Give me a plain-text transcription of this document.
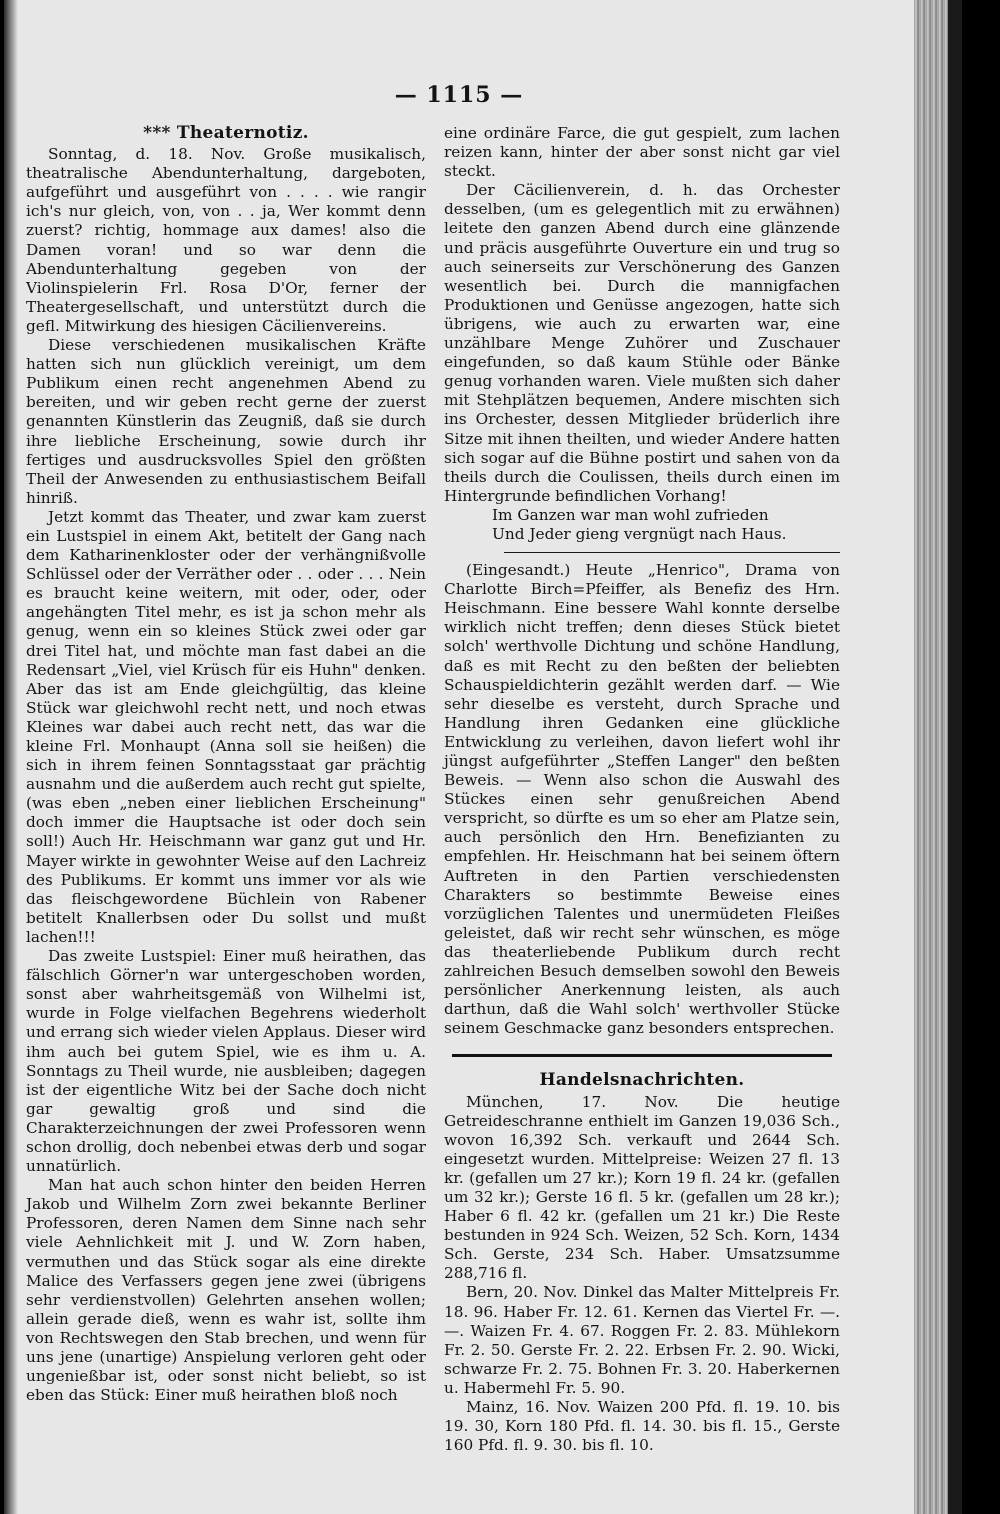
— 1115 —
*** Theaternotiz.

Sonntag, d. 18. Nov. Große musikalisch, theatralische Abendunterhaltung, dargeboten, aufgeführt und ausgeführt von . . . . wie rangir ich's nur gleich, von, von . . ja, Wer kommt denn zuerst? richtig, hommage aux dames! also die Damen voran! und so war denn die Abendunterhaltung gegeben von der Violinspielerin Frl. Rosa D'Or, ferner der Theatergesellschaft, und unterstützt durch die gefl. Mitwirkung des hiesigen Cäcilienvereins.

Diese verschiedenen musikalischen Kräfte hatten sich nun glücklich vereinigt, um dem Publikum einen recht angenehmen Abend zu bereiten, und wir geben recht gerne der zuerst genannten Künstlerin das Zeugniß, daß sie durch ihre liebliche Erscheinung, sowie durch ihr fertiges und ausdrucksvolles Spiel den größten Theil der Anwesenden zu enthusiastischem Beifall hinriß.

Jetzt kommt das Theater, und zwar kam zuerst ein Lustspiel in einem Akt, betitelt der Gang nach dem Katharinenkloster oder der verhängnißvolle Schlüssel oder der Verräther oder . . oder . . . Nein es braucht keine weitern, mit oder, oder, oder angehängten Titel mehr, es ist ja schon mehr als genug, wenn ein so kleines Stück zwei oder gar drei Titel hat, und möchte man fast dabei an die Redensart „Viel, viel Krüsch für eis Huhn" denken. Aber das ist am Ende gleichgültig, das kleine Stück war gleichwohl recht nett, und noch etwas Kleines war dabei auch recht nett, das war die kleine Frl. Monhaupt (Anna soll sie heißen) die sich in ihrem feinen Sonntagsstaat gar prächtig ausnahm und die außerdem auch recht gut spielte, (was eben „neben einer lieblichen Erscheinung" doch immer die Hauptsache ist oder doch sein soll!) Auch Hr. Heischmann war ganz gut und Hr. Mayer wirkte in gewohnter Weise auf den Lachreiz des Publikums. Er kommt uns immer vor als wie das fleischgewordene Büchlein von Rabener betitelt Knallerbsen oder Du sollst und mußt lachen!!!

Das zweite Lustspiel: Einer muß heirathen, das fälschlich Görner'n war untergeschoben worden, sonst aber wahrheitsgemäß von Wilhelmi ist, wurde in Folge vielfachen Begehrens wiederholt und errang sich wieder vielen Applaus. Dieser wird ihm auch bei gutem Spiel, wie es ihm u. A. Sonntags zu Theil wurde, nie ausbleiben; dagegen ist der eigentliche Witz bei der Sache doch nicht gar gewaltig groß und sind die Charakterzeichnungen der zwei Professoren wenn schon drollig, doch nebenbei etwas derb und sogar unnatürlich.

Man hat auch schon hinter den beiden Herren Jakob und Wilhelm Zorn zwei bekannte Berliner Professoren, deren Namen dem Sinne nach sehr viele Aehnlichkeit mit J. und W. Zorn haben, vermuthen und das Stück sogar als eine direkte Malice des Verfassers gegen jene zwei (übrigens sehr verdienstvollen) Gelehrten ansehen wollen; allein gerade dieß, wenn es wahr ist, sollte ihm von Rechtswegen den Stab brechen, und wenn für uns jene (unartige) Anspielung verloren geht oder ungenießbar ist, oder sonst nicht beliebt, so ist eben das Stück: Einer muß heirathen bloß noch

eine ordinäre Farce, die gut gespielt, zum lachen reizen kann, hinter der aber sonst nicht gar viel steckt.

Der Cäcilienverein, d. h. das Orchester desselben, (um es gelegentlich mit zu erwähnen) leitete den ganzen Abend durch eine glänzende und präcis ausgeführte Ouverture ein und trug so auch seinerseits zur Verschönerung des Ganzen wesentlich bei. Durch die mannigfachen Produktionen und Genüsse angezogen, hatte sich übrigens, wie auch zu erwarten war, eine unzählbare Menge Zuhörer und Zuschauer eingefunden, so daß kaum Stühle oder Bänke genug vorhanden waren. Viele mußten sich daher mit Stehplätzen bequemen, Andere mischten sich ins Orchester, dessen Mitglieder brüderlich ihre Sitze mit ihnen theilten, und wieder Andere hatten sich sogar auf die Bühne postirt und sahen von da theils durch die Coulissen, theils durch einen im Hintergrunde befindlichen Vorhang!

Im Ganzen war man wohl zufrieden

Und Jeder gieng vergnügt nach Haus.

(Eingesandt.) Heute „Henrico", Drama von Charlotte Birch=Pfeiffer, als Benefiz des Hrn. Heischmann. Eine bessere Wahl konnte derselbe wirklich nicht treffen; denn dieses Stück bietet solch' werthvolle Dichtung und schöne Handlung, daß es mit Recht zu den beßten der beliebten Schauspieldichterin gezählt werden darf. — Wie sehr dieselbe es versteht, durch Sprache und Handlung ihren Gedanken eine glückliche Entwicklung zu verleihen, davon liefert wohl ihr jüngst aufgeführter „Steffen Langer" den beßten Beweis. — Wenn also schon die Auswahl des Stückes einen sehr genußreichen Abend verspricht, so dürfte es um so eher am Platze sein, auch persönlich den Hrn. Benefizianten zu empfehlen. Hr. Heischmann hat bei seinem öftern Auftreten in den Partien verschiedensten Charakters so bestimmte Beweise eines vorzüglichen Talentes und unermüdeten Fleißes geleistet, daß wir recht sehr wünschen, es möge das theaterliebende Publikum durch recht zahlreichen Besuch demselben sowohl den Beweis persönlicher Anerkennung leisten, als auch darthun, daß die Wahl solch' werthvoller Stücke seinem Geschmacke ganz besonders entsprechen.

Handelsnachrichten.

München, 17. Nov. Die heutige Getreideschranne enthielt im Ganzen 19,036 Sch., wovon 16,392 Sch. verkauft und 2644 Sch. eingesetzt wurden. Mittelpreise: Weizen 27 fl. 13 kr. (gefallen um 27 kr.); Korn 19 fl. 24 kr. (gefallen um 32 kr.); Gerste 16 fl. 5 kr. (gefallen um 28 kr.); Haber 6 fl. 42 kr. (gefallen um 21 kr.) Die Reste bestunden in 924 Sch. Weizen, 52 Sch. Korn, 1434 Sch. Gerste, 234 Sch. Haber. Umsatzsumme 288,716 fl.

Bern, 20. Nov. Dinkel das Malter Mittelpreis Fr. 18. 96. Haber Fr. 12. 61. Kernen das Viertel Fr. —. —. Waizen Fr. 4. 67. Roggen Fr. 2. 83. Mühlekorn Fr. 2. 50. Gerste Fr. 2. 22. Erbsen Fr. 2. 90. Wicki, schwarze Fr. 2. 75. Bohnen Fr. 3. 20. Haberkernen u. Habermehl Fr. 5. 90.

Mainz, 16. Nov. Waizen 200 Pfd. fl. 19. 10. bis 19. 30, Korn 180 Pfd. fl. 14. 30. bis fl. 15., Gerste 160 Pfd. fl. 9. 30. bis fl. 10.
